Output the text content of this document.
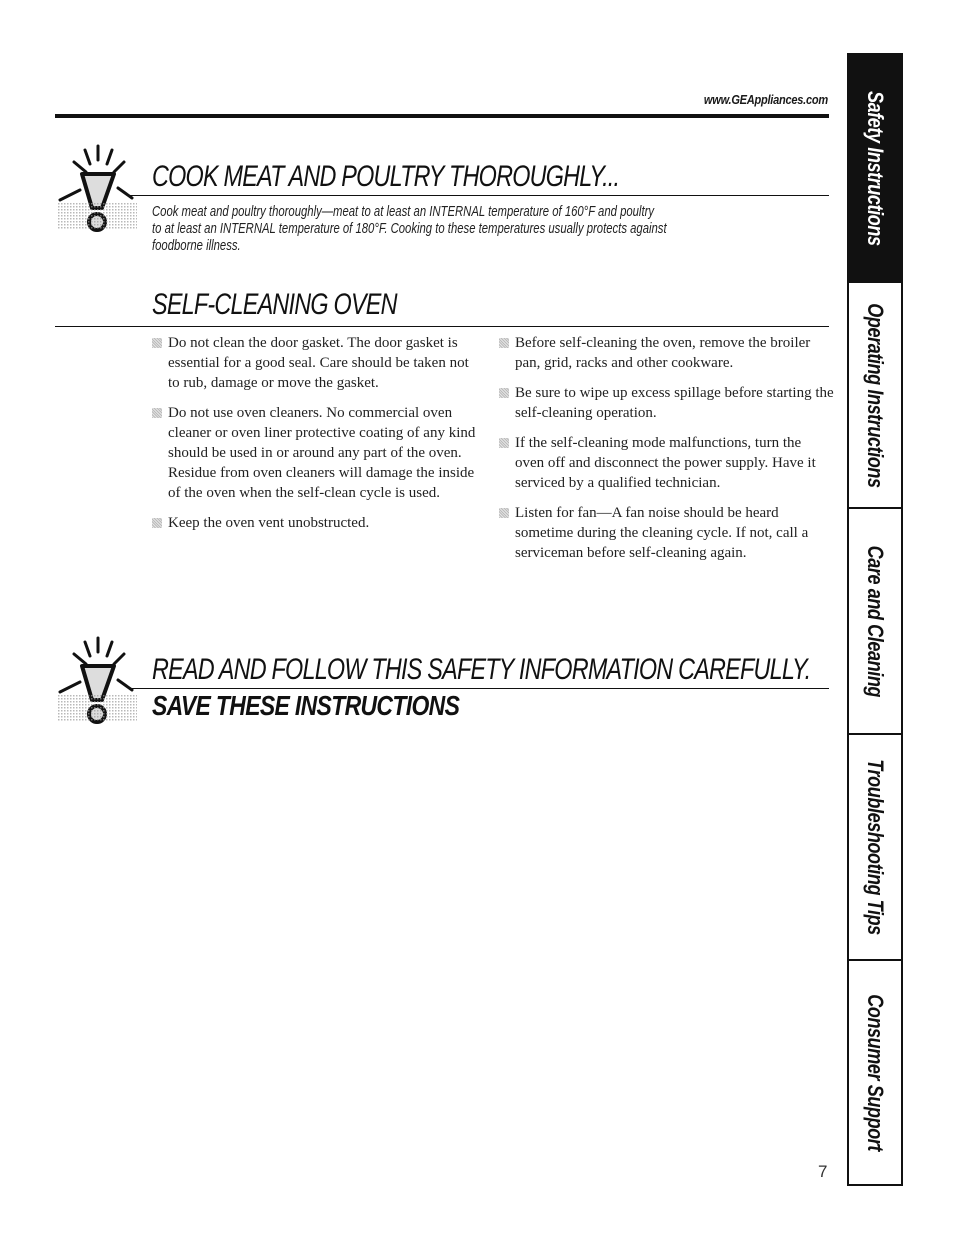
www.GEAppliances.com
COOK MEAT AND POULTRY THOROUGHLY...
Cook meat and poultry thoroughly—meat to at least an INTERNAL temperature of 160°F and poultry
to at least an INTERNAL temperature of 180°F. Cooking to these temperatures usually protects against
foodborne illness.
SELF-CLEANING OVEN
Do not clean the door gasket. The door gasket is essential for a good seal. Care should be taken not to rub, damage or move the gasket.
Do not use oven cleaners. No commercial oven cleaner or oven liner protective coating of any kind should be used in or around any part of the oven. Residue from oven cleaners will damage the inside of the oven when the self-clean cycle is used.
Keep the oven vent unobstructed.
Before self-cleaning the oven, remove the broiler pan, grid, racks and other cookware.
Be sure to wipe up excess spillage before starting the self-cleaning operation.
If the self-cleaning mode malfunctions, turn the oven off and disconnect the power supply. Have it serviced by a qualified technician.
Listen for fan—A fan noise should be heard sometime during the cleaning cycle. If not, call a serviceman before self-cleaning again.
READ AND FOLLOW THIS SAFETY INFORMATION CAREFULLY.
SAVE THESE INSTRUCTIONS
7
Safety Instructions
Operating Instructions
Care and Cleaning
Troubleshooting Tips
Consumer Support
